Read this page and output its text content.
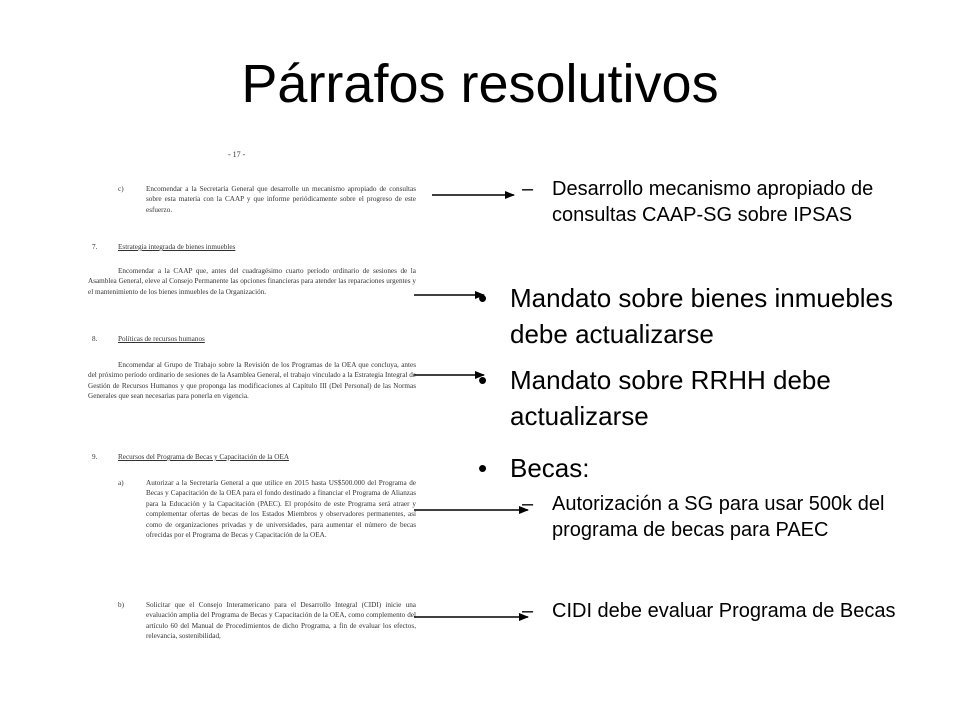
Párrafos resolutivos
- 17 -
c)	Encomendar a la Secretaría General que desarrolle un mecanismo apropiado de consultas sobre esta materia con la CAAP y que informe periódicamente sobre el progreso de este esfuerzo.
7.	Estrategia integrada de bienes inmuebles
Encomendar a la CAAP que, antes del cuadragésimo cuarto período ordinario de sesiones de la Asamblea General, eleve al Consejo Permanente las opciones financieras para atender las reparaciones urgentes y el mantenimiento de los bienes inmuebles de la Organización.
8.	Políticas de recursos humanos
Encomendar al Grupo de Trabajo sobre la Revisión de los Programas de la OEA que concluya, antes del próximo período ordinario de sesiones de la Asamblea General, el trabajo vinculado a la Estrategia Integral de Gestión de Recursos Humanos y que proponga las modificaciones al Capítulo III (Del Personal) de las Normas Generales que sean necesarias para ponerla en vigencia.
9.	Recursos del Programa de Becas y Capacitación de la OEA
a)	Autorizar a la Secretaría General a que utilice en 2015 hasta US$500.000 del Programa de Becas y Capacitación de la OEA para el fondo destinado a financiar el Programa de Alianzas para la Educación y la Capacitación (PAEC). El propósito de este Programa será atraer y complementar ofertas de becas de los Estados Miembros y observadores permanentes, así como de organizaciones privadas y de universidades, para aumentar el número de becas ofrecidas por el Programa de Becas y Capacitación de la OEA.
b)	Solicitar que el Consejo Interamericano para el Desarrollo Integral (CIDI) inicie una evaluación amplia del Programa de Becas y Capacitación de la OEA, como complemento del artículo 60 del Manual de Procedimientos de dicho Programa, a fin de evaluar los efectos, relevancia, sostenibilidad,
– Desarrollo mecanismo apropiado de consultas CAAP-SG sobre IPSAS
• Mandato sobre bienes inmuebles debe actualizarse
• Mandato sobre RRHH debe actualizarse
• Becas:
– Autorización a SG para usar 500k del programa de becas para PAEC
– CIDI debe evaluar Programa de Becas
